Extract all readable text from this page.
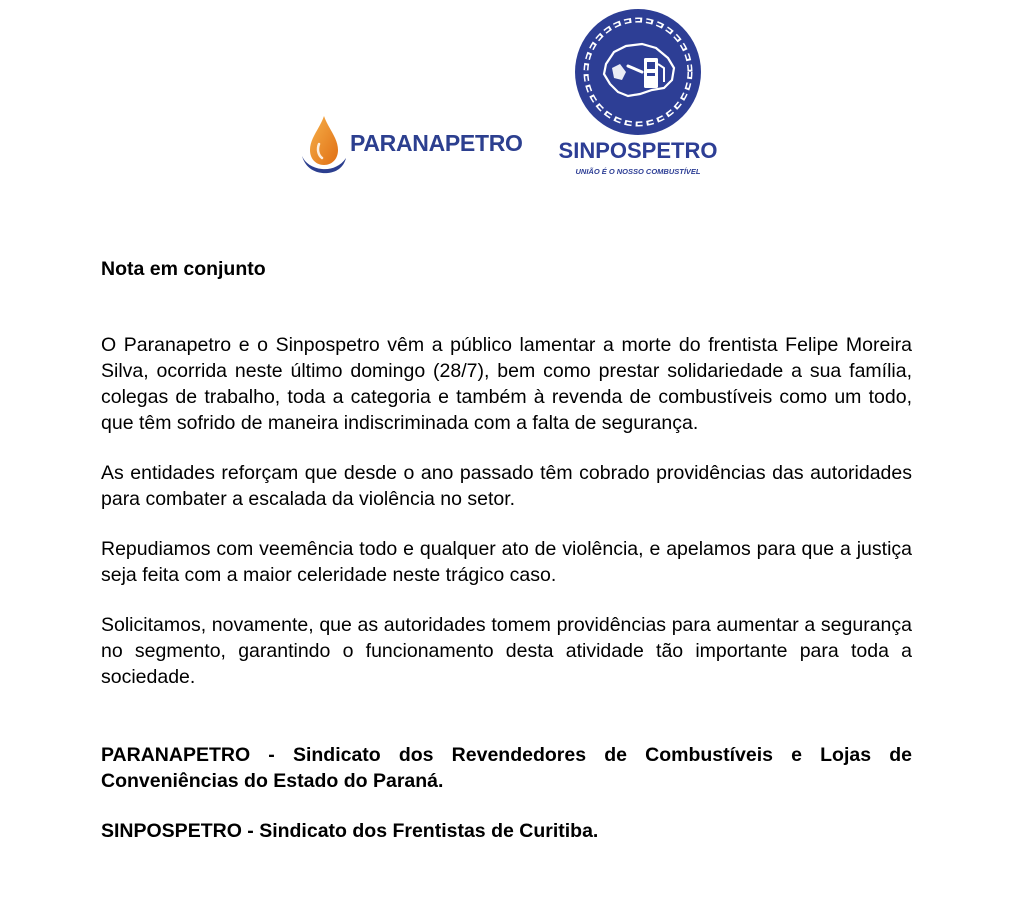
PARANAPETRO SINPOSPETRO
UNIÃO É O NOSSO COMBUSTÍVEL

Nota em conjunto

O Paranapetro e o Sinpospetro vêm a público lamentar a morte do frentista Felipe Moreira Silva, ocorrida neste último domingo (28/7), bem como prestar solidariedade a sua família, colegas de trabalho, toda a categoria e também à revenda de combustíveis como um todo, que têm sofrido de maneira indiscriminada com a falta de segurança.

As entidades reforçam que desde o ano passado têm cobrado providências das autoridades para combater a escalada da violência no setor.

Repudiamos com veemência todo e qualquer ato de violência, e apelamos para que a justiça seja feita com a maior celeridade neste trágico caso.

Solicitamos, novamente, que as autoridades tomem providências para aumentar a segurança no segmento, garantindo o funcionamento desta atividade tão importante para toda a sociedade.

PARANAPETRO - Sindicato dos Revendedores de Combustíveis e Lojas de Conveniências do Estado do Paraná.

SINPOSPETRO - Sindicato dos Frentistas de Curitiba.
